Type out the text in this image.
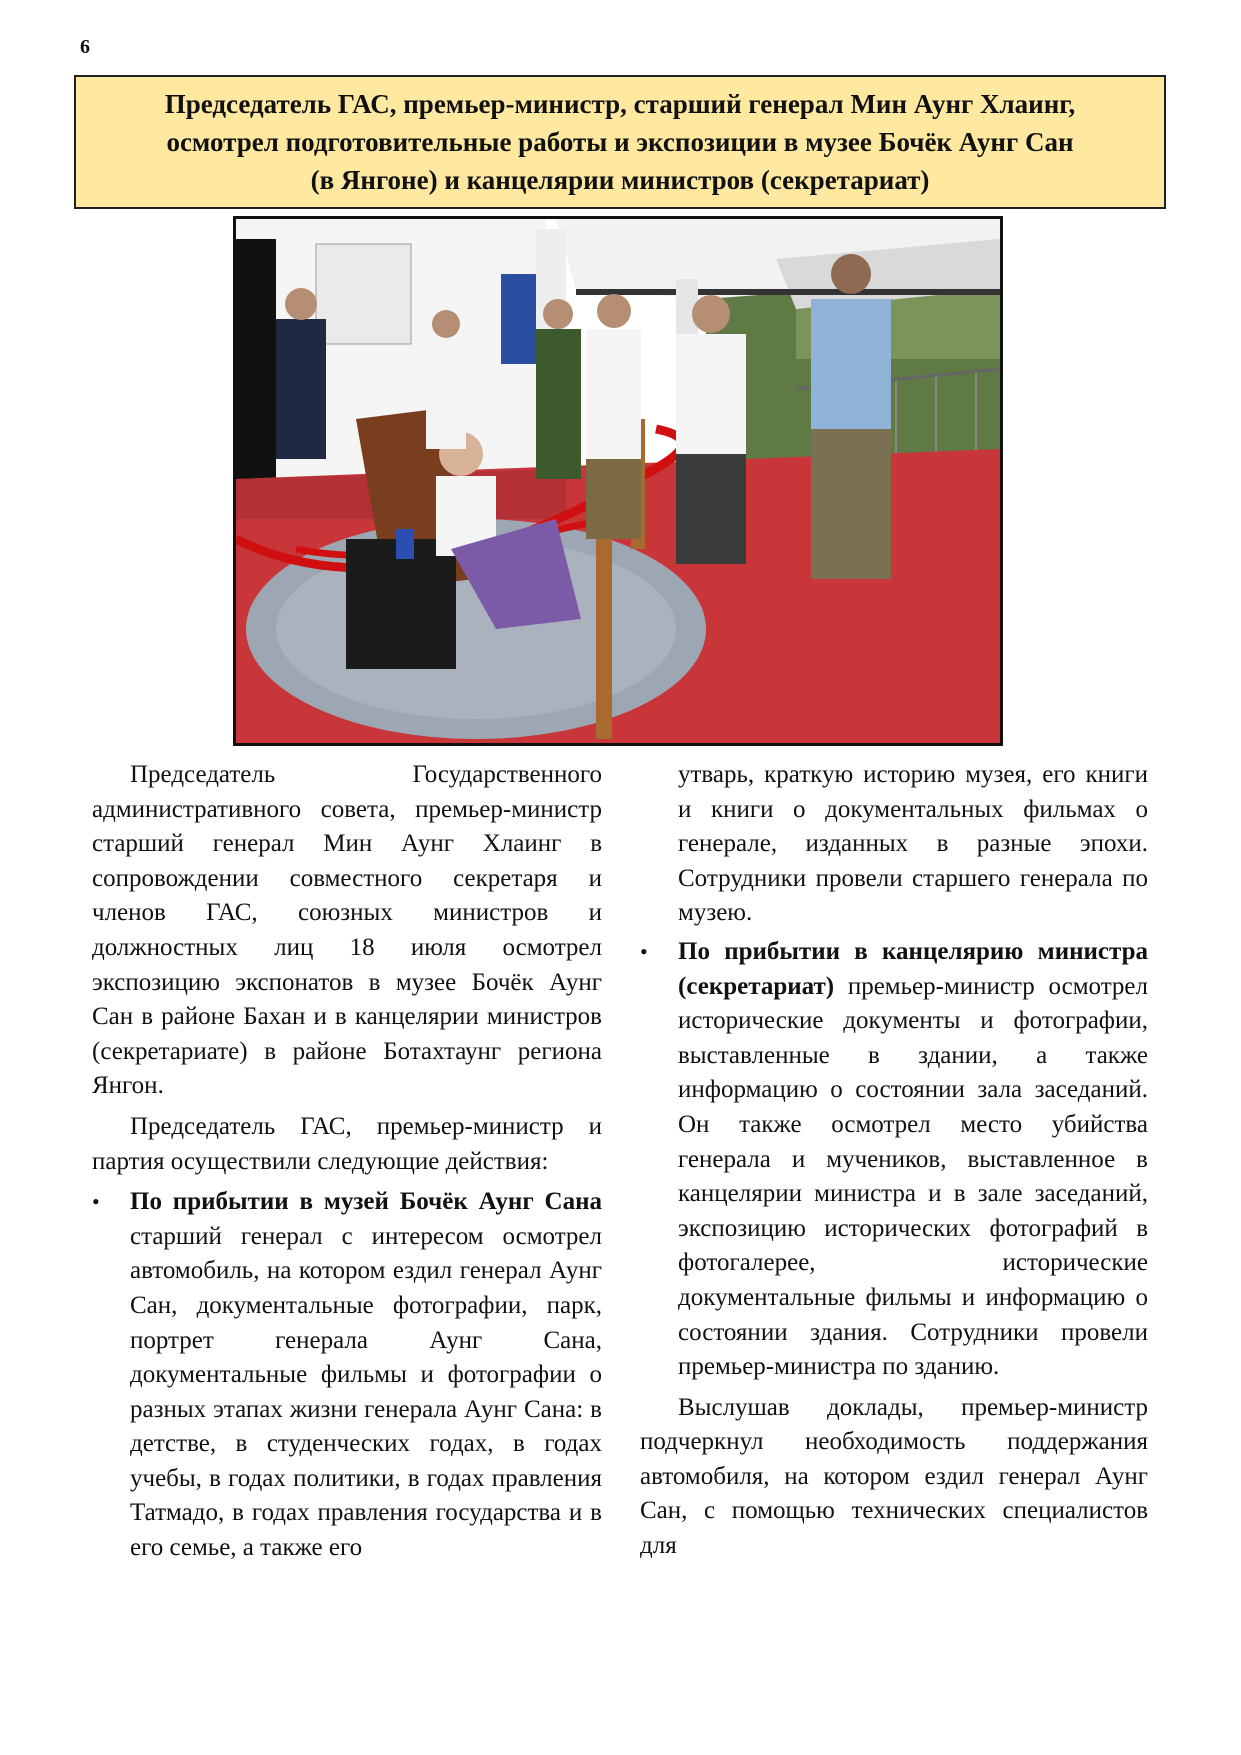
6
Председатель ГАС, премьер-министр, старший генерал Мин Аунг Хлаинг,
осмотрел подготовительные работы и экспозиции в музее Бочёк Аунг Сан
(в Янгоне) и канцелярии министров (секретариат)

Председатель Государственного административного совета, премьер-министр старший генерал Мин Аунг Хлаинг в сопровождении совместного секретаря и членов ГАС, союзных министров и должностных лиц 18 июля осмотрел экспозицию экспонатов в музее Бочёк Аунг Сан в районе Бахан и в канцелярии министров (секретариате) в районе Ботахтаунг региона Янгон.

Председатель ГАС, премьер-министр и партия осуществили следующие действия:

•	По прибытии в музей Бочёк Аунг Сана старший генерал с интересом осмотрел автомобиль, на котором ездил генерал Аунг Сан, документальные фотографии, парк, портрет генерала Аунг Сана, документальные фильмы и фотографии о разных этапах жизни генерала Аунг Сана: в детстве, в студенческих годах, в годах учебы, в годах политики, в годах правления Татмадо, в годах правления государства и в его семье, а также его

утварь, краткую историю музея, его книги и книги о документальных фильмах о генерале, изданных в разные эпохи. Сотрудники провели старшего генерала по музею.

•	По прибытии в канцелярию министра (секретариат) премьер-министр осмотрел исторические документы и фотографии, выставленные в здании, а также информацию о состоянии зала заседаний. Он также осмотрел место убийства генерала и мучеников, выставленное в канцелярии министра и в зале заседаний, экспозицию исторических фотографий в фотогалерее, исторические документальные фильмы и информацию о состоянии здания. Сотрудники провели премьер-министра по зданию.

Выслушав доклады, премьер-министр подчеркнул необходимость поддержания автомобиля, на котором ездил генерал Аунг Сан, с помощью технических специалистов для
